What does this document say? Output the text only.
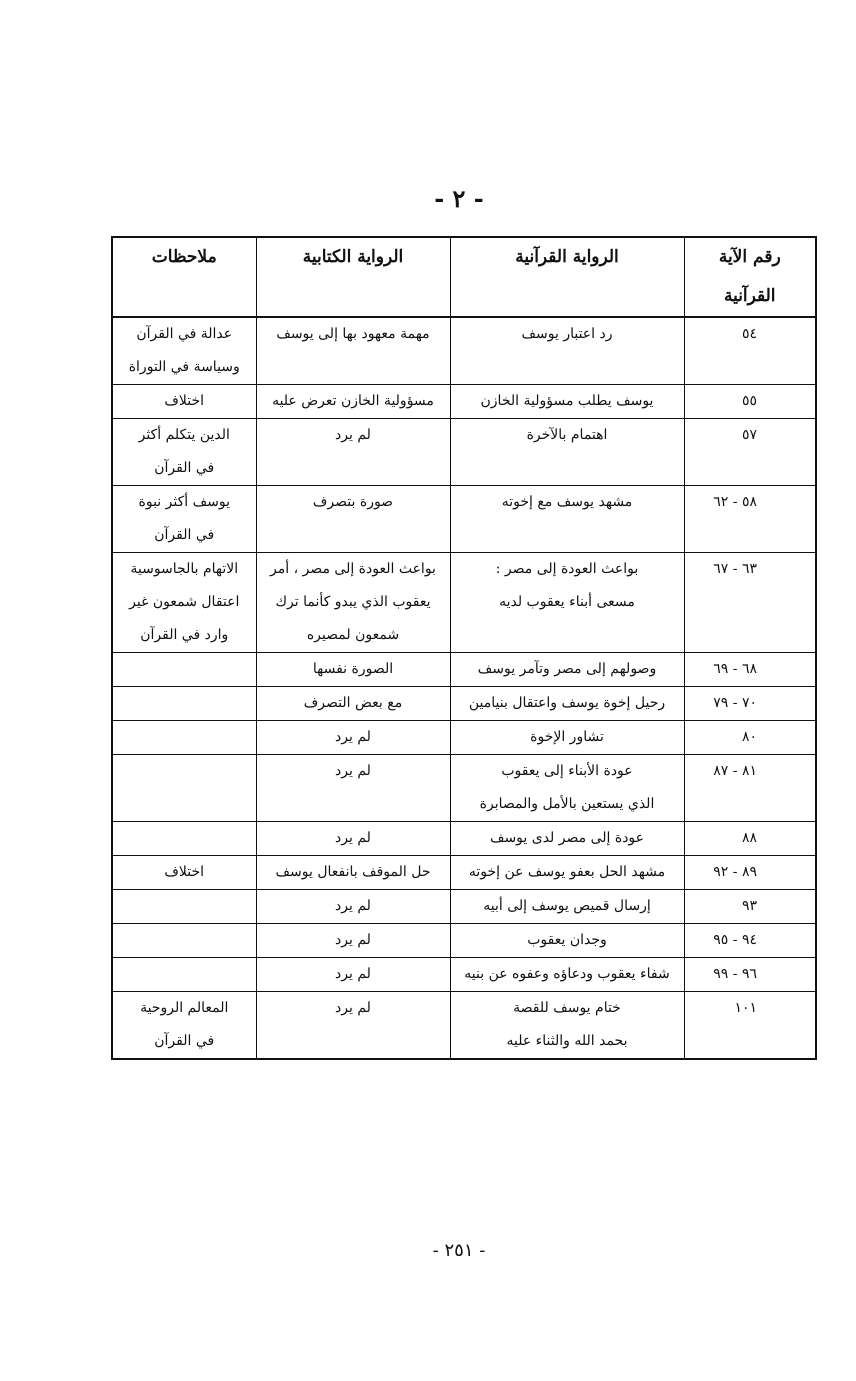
- ٢ -
رقم الآية القرآنية	الرواية القرآنية	الرواية الكتابية	ملاحظات
٥٤	رد اعتبار يوسف	مهمة معهود بها إلى يوسف	عدالة في القرآن
وسياسة في التوراة

٥٥	يوسف يطلب مسؤولية الخازن	مسؤولية الخازن تعرض عليه	اختلاف

٥٧	اهتمام بالآخرة	لم يرد	الدين يتكلم أكثر
في القرآن

٥٨ - ٦٢	مشهد يوسف مع إخوته	صورة بتصرف	يوسف أكثر نبوة
في القرآن

٦٣ - ٦٧	بواعث العودة إلى مصر :
مسعى أبناء يعقوب لديه	بواعث العودة إلى مصر ، أمر
يعقوب الذي يبدو كأنما ترك
شمعون لمصيره	الاتهام بالجاسوسية
اعتقال شمعون غير
وارد في القرآن

٦٨ - ٦٩	وصولهم إلى مصر وتآمر يوسف	الصورة نفسها	

٧٠ - ٧٩	رحيل إخوة يوسف واعتقال بنيامين	مع بعض التصرف	

٨٠	تشاور الإخوة	لم يرد	

٨١ - ٨٧	عودة الأبناء إلى يعقوب
الذي يستعين بالأمل والمصابرة	لم يرد	

٨٨	عودة إلى مصر لدى يوسف	لم يرد	

٨٩ - ٩٢	مشهد الحل بعفو يوسف عن إخوته	حل الموقف بانفعال يوسف	اختلاف

٩٣	إرسال قميص يوسف إلى أبيه	لم يرد	

٩٤ - ٩٥	وجدان يعقوب	لم يرد	

٩٦ - ٩٩	شفاء يعقوب ودعاؤه وعفوه عن بنيه	لم يرد	

١٠١	ختام يوسف للقصة
بحمد الله والثناء عليه	لم يرد	المعالم الروحية
في القرآن
- ٢٥١ -
